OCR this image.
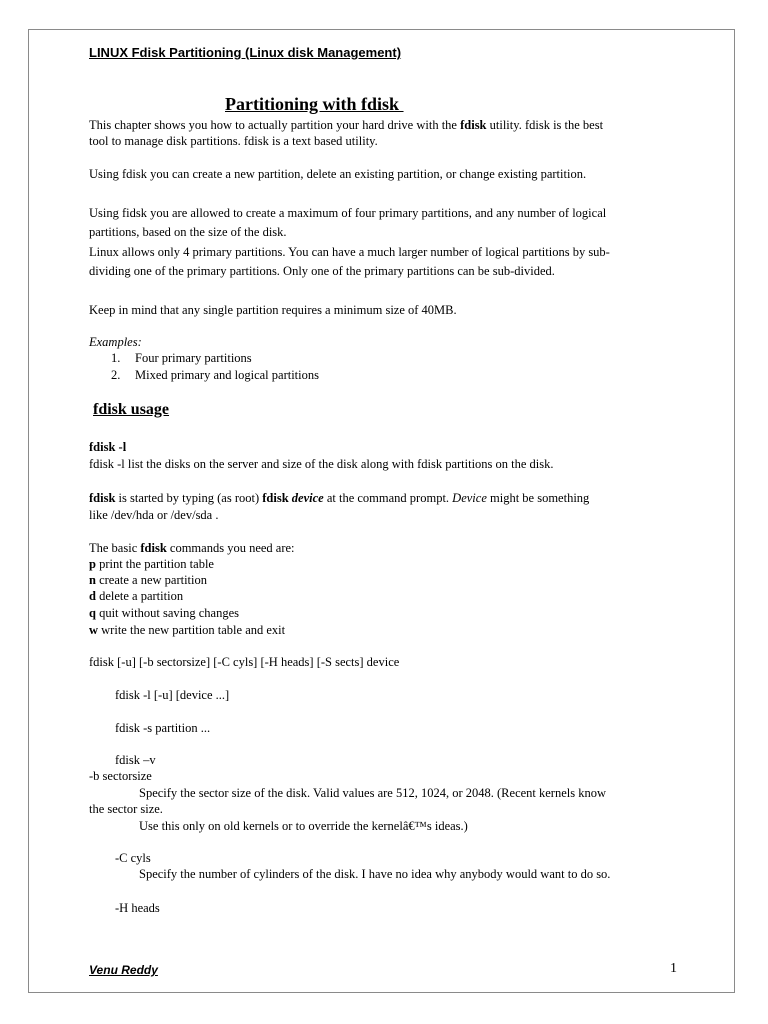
LINUX Fdisk Partitioning (Linux disk Management)
Partitioning with fdisk
This chapter shows you how to actually partition your hard drive with the fdisk utility. fdisk is the best
tool to manage disk partitions. fdisk is a text based utility.
Using fdisk you can create a new partition, delete an existing partition, or change existing partition.
Using fidsk you are allowed to create a maximum of four primary partitions, and any number of logical
partitions, based on the size of the disk.
Linux allows only 4 primary partitions. You can have a much larger number of logical partitions by sub-
dividing one of the primary partitions. Only one of the primary partitions can be sub-divided.
Keep in mind that any single partition requires a minimum size of 40MB.
Examples:
1. Four primary partitions
2. Mixed primary and logical partitions
fdisk usage
fdisk -l
fdisk -l list the disks on the server and size of the disk along with fdisk partitions on the disk.
fdisk is started by typing (as root) fdisk device at the command prompt. Device might be something
like /dev/hda or /dev/sda .
The basic fdisk commands you need are:
p print the partition table
n create a new partition
d delete a partition
q quit without saving changes
w write the new partition table and exit
fdisk [-u] [-b sectorsize] [-C cyls] [-H heads] [-S sects] device
fdisk -l [-u] [device ...]
fdisk -s partition ...
fdisk –v
-b sectorsize
Specify the sector size of the disk. Valid values are 512, 1024, or 2048. (Recent kernels know
the sector size.
Use this only on old kernels or to override the kernelâ€™s ideas.)
-C cyls
Specify the number of cylinders of the disk. I have no idea why anybody would want to do so.
-H heads
Venu Reddy	1
